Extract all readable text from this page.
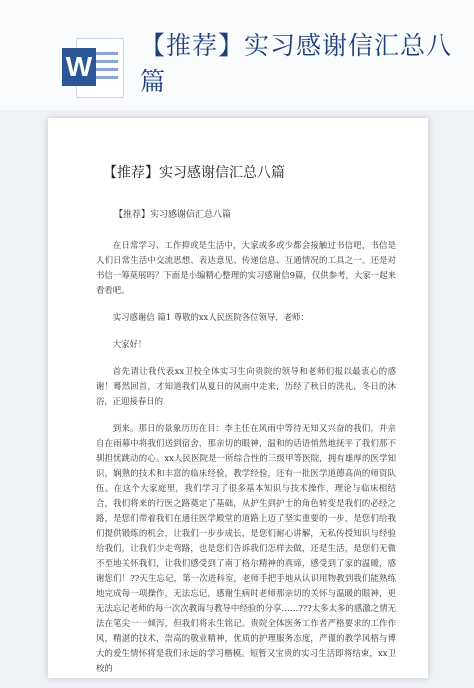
W
【推荐】实习感谢信汇总八篇
【推荐】实习感谢信汇总八篇
【推荐】实习感谢信汇总八篇

在日常学习、工作抑或是生活中，大家或多或少都会接触过书信吧，书信是人们日常生活中交流思想、表达意见、传递信息、互通情况的工具之一。还是对书信一筹莫展吗？下面是小编精心整理的实习感谢信9篇，仅供参考，大家一起来看看吧。

实习感谢信 篇1 尊敬的xx人民医院各位领导，老师：

大家好！

首先请让我代表xx卫校全体实习生向贵院的领导和老师们报以最衷心的感谢！蓦然回首，才知道我们从夏日的风雨中走来，历经了秋日的洗礼，冬日的沐浴，正迎接春日的

到来。那日的景象历历在目：李主任在风雨中等待无知又兴奋的我们，并亲自在雨幕中将我们送到宿舍，那亲切的眼神，温和的话语悄然地抚平了我们那不驯担忧跳动的心。xx人民医院是一所综合性的三级甲等医院，拥有雄厚的医学知识，娴熟的技术和丰富的临床经验，教学经验，还有一批医学道德高尚的师资队伍。在这个大家庭里，我们学习了很多基本知识与技术操作，理论与临床相结合，我们将来的行医之路奠定了基础，从护生到护士的角色转变是我们的必经之路，是您们带着我们在通往医学殿堂的道路上迈了坚实重要的一步，是您们给我们提供锻炼的机会，让我们一步步成长，是您们耐心讲解，无私传授知识与经验给我们，让我们少走弯路，也是您们告诉我们怎样去做，还是生活，是您们无微不至地关怀我们，让我们感受到了南丁格尔精神的真谛，感受到了家的温暖，感谢您们！??天生忘记，第一次进科室，老师手把手地从认识用物教到我们能熟练地完成每一项操作，无法忘记，感谢生病时老师那亲切的关怀与温暖的眼神，更无法忘记老师的每一次次教诲与教导中经验的分享……???太多太多的感激之情无法在笔尖一一倾泻，但我们将永生铭记。贵院全体医务工作者严格要求的工作作风，精湛的技术，崇高的敬业精神，优质的护理服务态度，严谨的教学风格与博大的爱生情怀将是我们永远的学习楷模。短暂又宝贵的实习生活即将结束，xx卫校的
